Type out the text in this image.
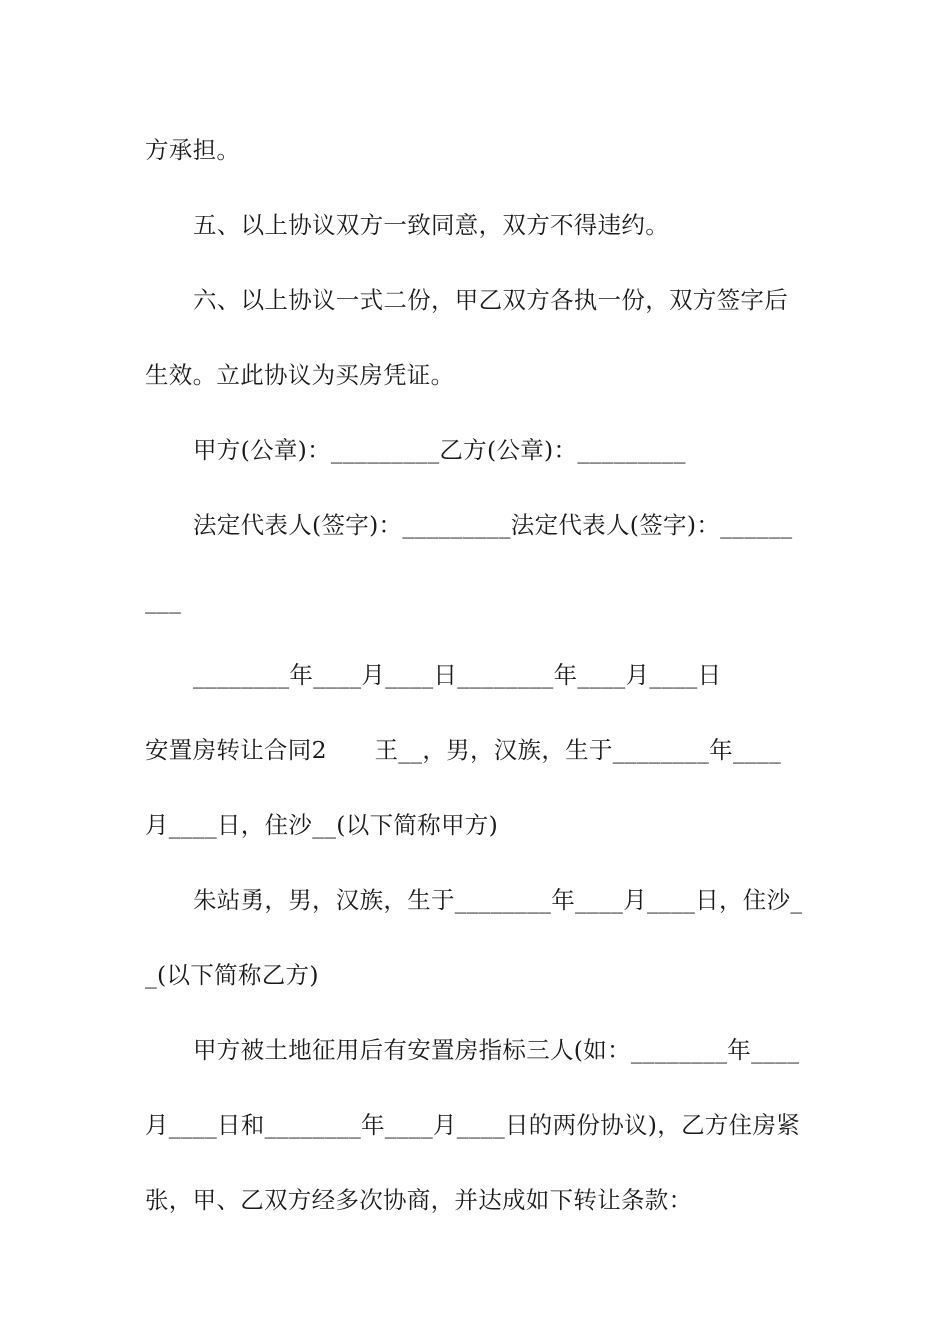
方承担。
五、以上协议双方一致同意，双方不得违约。
六、以上协议一式二份，甲乙双方各执一份，双方签字后
生效。立此协议为买房凭证。
甲方(公章)：_________乙方(公章)：_________
法定代表人(签字)：_________法定代表人(签字)：______
___
________年____月____日________年____月____日
安置房转让合同2　　王__，男，汉族，生于________年____
月____日，住沙__(以下简称甲方)
朱站勇，男，汉族，生于________年____月____日，住沙_
_(以下简称乙方)
甲方被土地征用后有安置房指标三人(如：________年____
月____日和________年____月____日的两份协议)，乙方住房紧
张，甲、乙双方经多次协商，并达成如下转让条款：
